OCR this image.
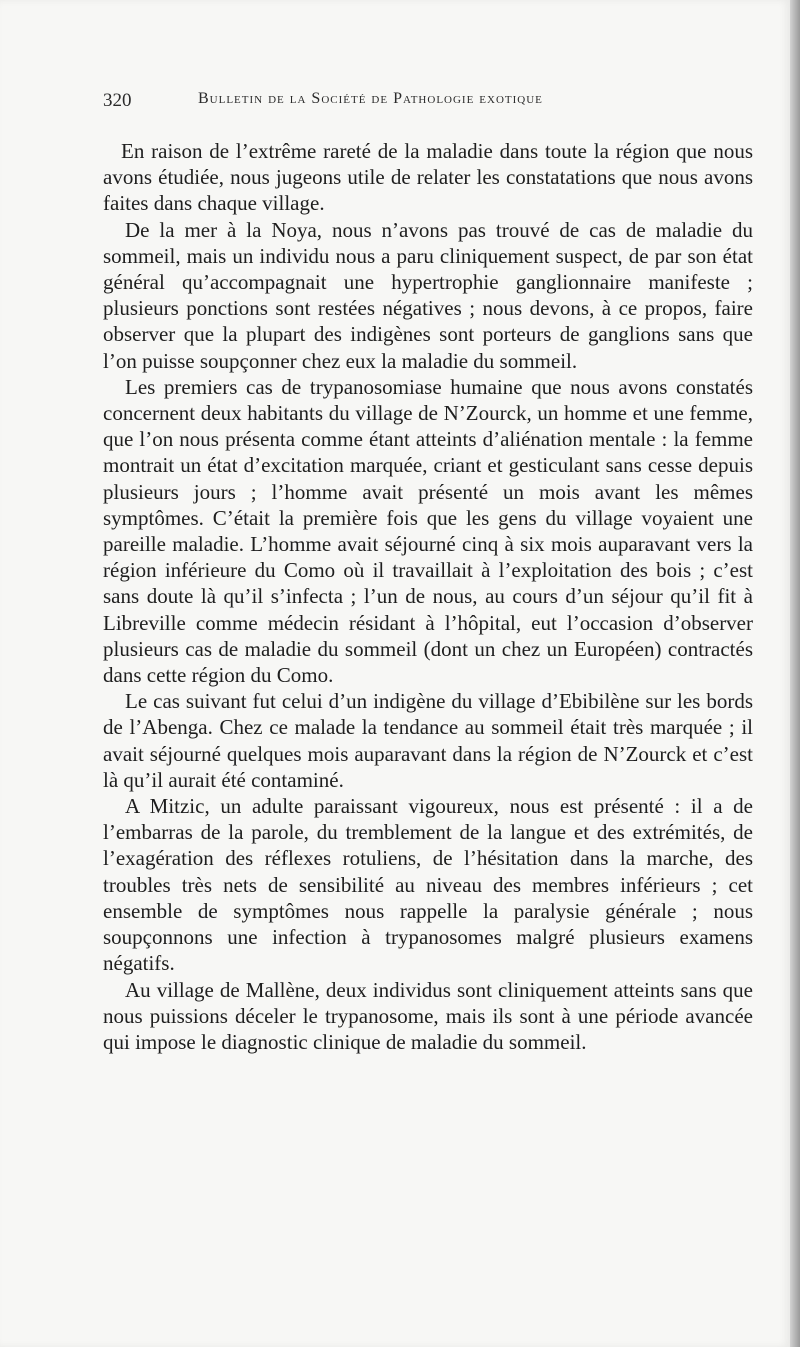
320	Bulletin de la Société de Pathologie exotique

En raison de l’extrême rareté de la maladie dans toute la région que nous avons étudiée, nous jugeons utile de relater les constatations que nous avons faites dans chaque village.

De la mer à la Noya, nous n’avons pas trouvé de cas de maladie du sommeil, mais un individu nous a paru cliniquement suspect, de par son état général qu’accompagnait une hypertrophie ganglionnaire manifeste ; plusieurs ponctions sont restées négatives ; nous devons, à ce propos, faire observer que la plupart des indigènes sont porteurs de ganglions sans que l’on puisse soupçonner chez eux la maladie du sommeil.

Les premiers cas de trypanosomiase humaine que nous avons constatés concernent deux habitants du village de N’Zourck, un homme et une femme, que l’on nous présenta comme étant atteints d’aliénation mentale : la femme montrait un état d’excitation marquée, criant et gesticulant sans cesse depuis plusieurs jours ; l’homme avait présenté un mois avant les mêmes symptômes. C’était la première fois que les gens du village voyaient une pareille maladie. L’homme avait séjourné cinq à six mois auparavant vers la région inférieure du Como où il travaillait à l’exploitation des bois ; c’est sans doute là qu’il s’infecta ; l’un de nous, au cours d’un séjour qu’il fit à Libreville comme médecin résidant à l’hôpital, eut l’occasion d’observer plusieurs cas de maladie du sommeil (dont un chez un Européen) contractés dans cette région du Como.

Le cas suivant fut celui d’un indigène du village d’Ebibilène sur les bords de l’Abenga. Chez ce malade la tendance au sommeil était très marquée ; il avait séjourné quelques mois auparavant dans la région de N’Zourck et c’est là qu’il aurait été contaminé.

A Mitzic, un adulte paraissant vigoureux, nous est présenté : il a de l’embarras de la parole, du tremblement de la langue et des extrémités, de l’exagération des réflexes rotuliens, de l’hésitation dans la marche, des troubles très nets de sensibilité au niveau des membres inférieurs ; cet ensemble de symptômes nous rappelle la paralysie générale ; nous soupçonnons une infection à trypanosomes malgré plusieurs examens négatifs.

Au village de Mallène, deux individus sont cliniquement atteints sans que nous puissions déceler le trypanosome, mais ils sont à une période avancée qui impose le diagnostic clinique de maladie du sommeil.
